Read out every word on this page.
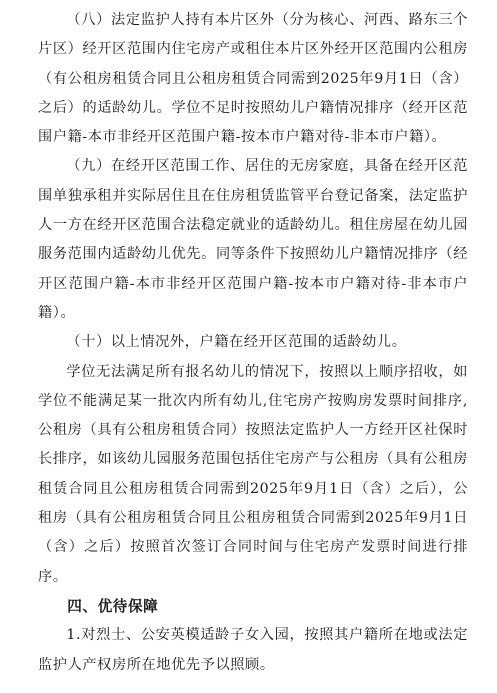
（八）法定监护人持有本片区外（分为核心、河西、路东三个片区）经开区范围内住宅房产或租住本片区外经开区范围内公租房（有公租房租赁合同且公租房租赁合同需到2025年9月1日（含）之后）的适龄幼儿。学位不足时按照幼儿户籍情况排序（经开区范围户籍-本市非经开区范围户籍-按本市户籍对待-非本市户籍）。

（九）在经开区范围工作、居住的无房家庭，具备在经开区范围单独承租并实际居住且在住房租赁监管平台登记备案，法定监护人一方在经开区范围合法稳定就业的适龄幼儿。租住房屋在幼儿园服务范围内适龄幼儿优先。同等条件下按照幼儿户籍情况排序（经开区范围户籍-本市非经开区范围户籍-按本市户籍对待-非本市户籍）。

（十）以上情况外，户籍在经开区范围的适龄幼儿。

学位无法满足所有报名幼儿的情况下，按照以上顺序招收，如学位不能满足某一批次内所有幼儿,住宅房产按购房发票时间排序,公租房（具有公租房租赁合同）按照法定监护人一方经开区社保时长排序，如该幼儿园服务范围包括住宅房产与公租房（具有公租房租赁合同且公租房租赁合同需到2025年9月1日（含）之后），公租房（具有公租房租赁合同且公租房租赁合同需到2025年9月1日（含）之后）按照首次签订合同时间与住宅房产发票时间进行排序。

四、优待保障

1.对烈士、公安英模适龄子女入园，按照其户籍所在地或法定监护人产权房所在地优先予以照顾。
